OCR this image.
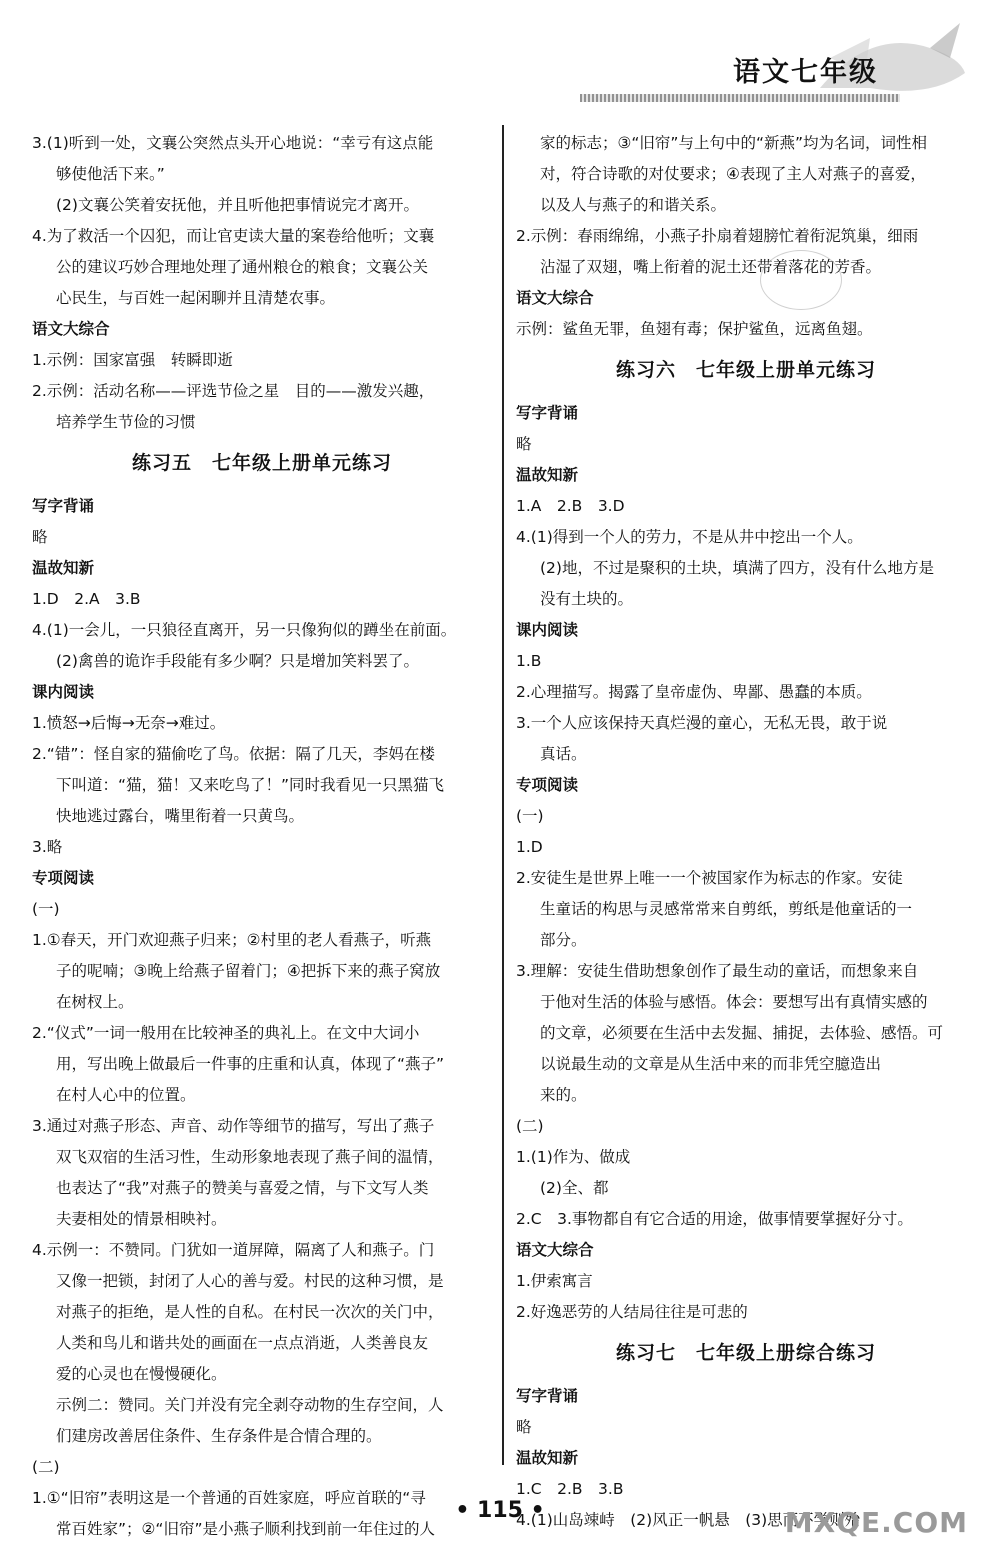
语文七年级
3.(1)听到一处，文襄公突然点头开心地说：“幸亏有这点能
够使他活下来。”
(2)文襄公笑着安抚他，并且听他把事情说完才离开。
4.为了救活一个囚犯，而让官吏读大量的案卷给他听；文襄
公的建议巧妙合理地处理了通州粮仓的粮食；文襄公关
心民生，与百姓一起闲聊并且清楚农事。
语文大综合
1.示例：国家富强　转瞬即逝
2.示例：活动名称——评选节俭之星　目的——激发兴趣，
培养学生节俭的习惯
练习五　七年级上册单元练习
写字背诵
略
温故知新
1.D　2.A　3.B
4.(1)一会儿，一只狼径直离开，另一只像狗似的蹲坐在前面。
(2)禽兽的诡诈手段能有多少啊？只是增加笑料罢了。
课内阅读
1.愤怒→后悔→无奈→难过。
2.“错”：怪自家的猫偷吃了鸟。依据：隔了几天，李妈在楼
下叫道：“猫，猫！又来吃鸟了！”同时我看见一只黑猫飞
快地逃过露台，嘴里衔着一只黄鸟。
3.略
专项阅读
(一)
1.①春天，开门欢迎燕子归来；②村里的老人看燕子，听燕
子的呢喃；③晚上给燕子留着门；④把拆下来的燕子窝放
在树杈上。
2.“仪式”一词一般用在比较神圣的典礼上。在文中大词小
用，写出晚上做最后一件事的庄重和认真，体现了“燕子”
在村人心中的位置。
3.通过对燕子形态、声音、动作等细节的描写，写出了燕子
双飞双宿的生活习性，生动形象地表现了燕子间的温情，
也表达了“我”对燕子的赞美与喜爱之情，与下文写人类
夫妻相处的情景相映衬。
4.示例一：不赞同。门犹如一道屏障，隔离了人和燕子。门
又像一把锁，封闭了人心的善与爱。村民的这种习惯，是
对燕子的拒绝，是人性的自私。在村民一次次的关门中，
人类和鸟儿和谐共处的画面在一点点消逝，人类善良友
爱的心灵也在慢慢硬化。
示例二：赞同。关门并没有完全剥夺动物的生存空间，人
们建房改善居住条件、生存条件是合情合理的。
(二)
1.①“旧帘”表明这是一个普通的百姓家庭，呼应首联的“寻
常百姓家”；②“旧帘”是小燕子顺利找到前一年住过的人
家的标志；③“旧帘”与上句中的“新燕”均为名词，词性相
对，符合诗歌的对仗要求；④表现了主人对燕子的喜爱，
以及人与燕子的和谐关系。
2.示例：春雨绵绵，小燕子扑扇着翅膀忙着衔泥筑巢，细雨
沾湿了双翅，嘴上衔着的泥土还带着落花的芳香。
语文大综合
示例：鲨鱼无罪，鱼翅有毒；保护鲨鱼，远离鱼翅。
练习六　七年级上册单元练习
写字背诵
略
温故知新
1.A　2.B　3.D
4.(1)得到一个人的劳力，不是从井中挖出一个人。
(2)地，不过是聚积的土块，填满了四方，没有什么地方是
没有土块的。
课内阅读
1.B
2.心理描写。揭露了皇帝虚伪、卑鄙、愚蠢的本质。
3.一个人应该保持天真烂漫的童心，无私无畏，敢于说
真话。
专项阅读
(一)
1.D
2.安徒生是世界上唯一一个被国家作为标志的作家。安徒
生童话的构思与灵感常常来自剪纸，剪纸是他童话的一
部分。
3.理解：安徒生借助想象创作了最生动的童话，而想象来自
于他对生活的体验与感悟。体会：要想写出有真情实感的
的文章，必须要在生活中去发掘、捕捉，去体验、感悟。可
以说最生动的文章是从生活中来的而非凭空臆造出
来的。
(二)
1.(1)作为、做成
(2)全、都
2.C　3.事物都自有它合适的用途，做事情要掌握好分寸。
语文大综合
1.伊索寓言
2.好逸恶劳的人结局往往是可悲的
练习七　七年级上册综合练习
写字背诵
略
温故知新
1.C　2.B　3.B
4.(1)山岛竦峙　(2)风正一帆悬　(3)思而不学则殆
• 115 •	MXQE.COM
